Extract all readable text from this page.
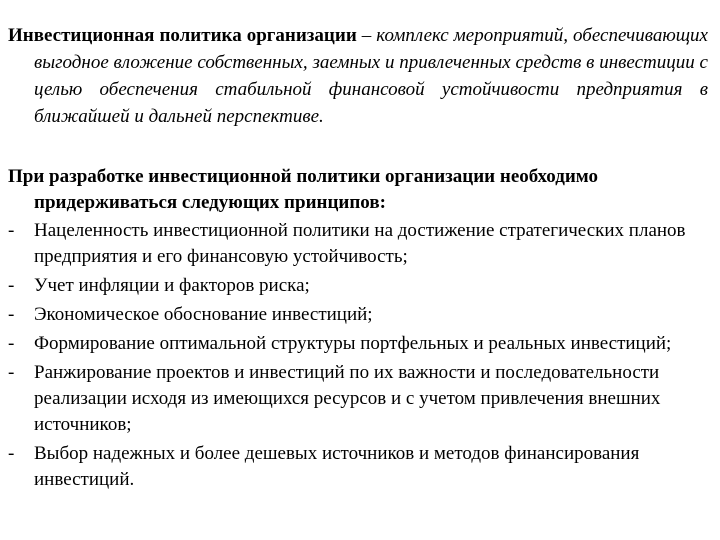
Инвестиционная политика организации – комплекс мероприятий, обеспечивающих выгодное вложение собственных, заемных и привлеченных средств в инвестиции с целью обеспечения стабильной финансовой устойчивости предприятия в ближайшей и дальней перспективе.

При разработке инвестиционной политики организации необходимо придерживаться следующих принципов:

- Нацеленность инвестиционной политики на достижение стратегических планов предприятия и его финансовую устойчивость;
- Учет инфляции и факторов риска;
- Экономическое обоснование инвестиций;
- Формирование оптимальной структуры портфельных и реальных инвестиций;
- Ранжирование проектов и инвестиций по их важности и последовательности реализации исходя из имеющихся ресурсов и с учетом привлечения внешних источников;
- Выбор надежных и более дешевых источников и методов финансирования инвестиций.
